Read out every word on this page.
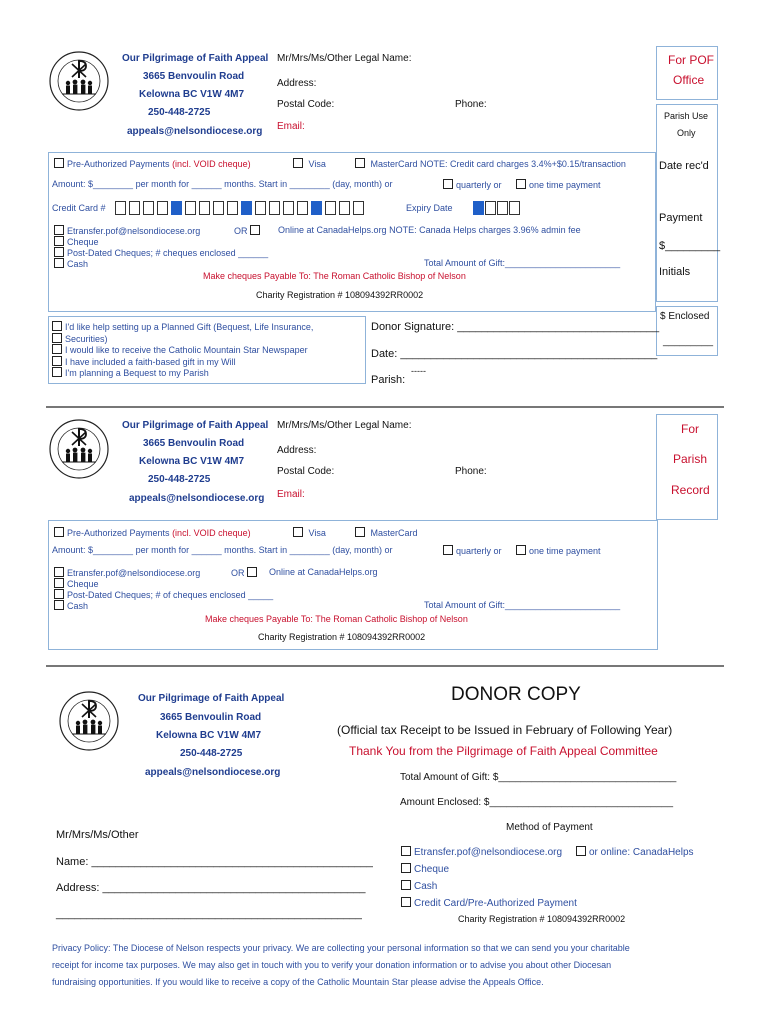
Our Pilgrimage of Faith Appeal
3665 Benvoulin Road
Kelowna BC V1W 4M7
250-448-2725
appeals@nelsondiocese.org
Mr/Mrs/Ms/Other Legal Name:
Address:
Postal Code:	Phone:
Email:
For POF
Office
Parish Use
Only
Date rec'd
Payment
$_________
Initials
$ Enclosed
_________
Pre-Authorized Payments (incl. VOID cheque)	Visa	MasterCard NOTE: Credit card charges 3.4%+$0.15/transaction
Amount: $________ per month for ______ months. Start in ________ (day, month) or	quarterly or	one time payment
Credit Card #	Expiry Date
Etransfer.pof@nelsondiocese.org	OR	Online at CanadaHelps.org NOTE: Canada Helps charges 3.96% admin fee
Cheque
Post-Dated Cheques; # cheques enclosed ______
Cash	Total Amount of Gift:_______________________
Make cheques Payable To: The Roman Catholic Bishop of Nelson
Charity Registration # 108094392RR0002
I'd like help setting up a Planned Gift (Bequest, Life Insurance,
Securities)
I would like to receive the Catholic Mountain Star Newspaper
I have included a faith-based gift in my Will
I'm planning a Bequest to my Parish
Donor Signature: _________________________________
Date: __________________________________________
-----
Parish:
Our Pilgrimage of Faith Appeal
3665 Benvoulin Road
Kelowna BC V1W 4M7
250-448-2725
appeals@nelsondiocese.org
Mr/Mrs/Ms/Other Legal Name:
Address:
Postal Code:	Phone:
Email:
For
Parish
Record
Pre-Authorized Payments (incl. VOID cheque)	Visa	MasterCard
Amount: $________ per month for ______ months. Start in ________ (day, month) or	quarterly or	one time payment
Etransfer.pof@nelsondiocese.org	OR	Online at CanadaHelps.org
Cheque
Post-Dated Cheques; # of cheques enclosed _____
Cash	Total Amount of Gift:_______________________
Make cheques Payable To: The Roman Catholic Bishop of Nelson
Charity Registration # 108094392RR0002
Our Pilgrimage of Faith Appeal
3665 Benvoulin Road
Kelowna BC V1W 4M7
250-448-2725
appeals@nelsondiocese.org
DONOR COPY
(Official tax Receipt to be Issued in February of Following Year)
Thank You from the Pilgrimage of Faith Appeal Committee
Total Amount of Gift: $________________________________
Amount Enclosed: $_________________________________
Method of Payment
Mr/Mrs/Ms/Other
Name: ______________________________________________
Address: ___________________________________________
__________________________________________________
Etransfer.pof@nelsondiocese.org	or online: CanadaHelps
Cheque
Cash
Credit Card/Pre-Authorized Payment
Charity Registration # 108094392RR0002
Privacy Policy: The Diocese of Nelson respects your privacy. We are collecting your personal information so that we can send you your charitable
receipt for income tax purposes. We may also get in touch with you to verify your donation information or to advise you about other Diocesan
fundraising opportunities. If you would like to receive a copy of the Catholic Mountain Star please advise the Appeals Office.
